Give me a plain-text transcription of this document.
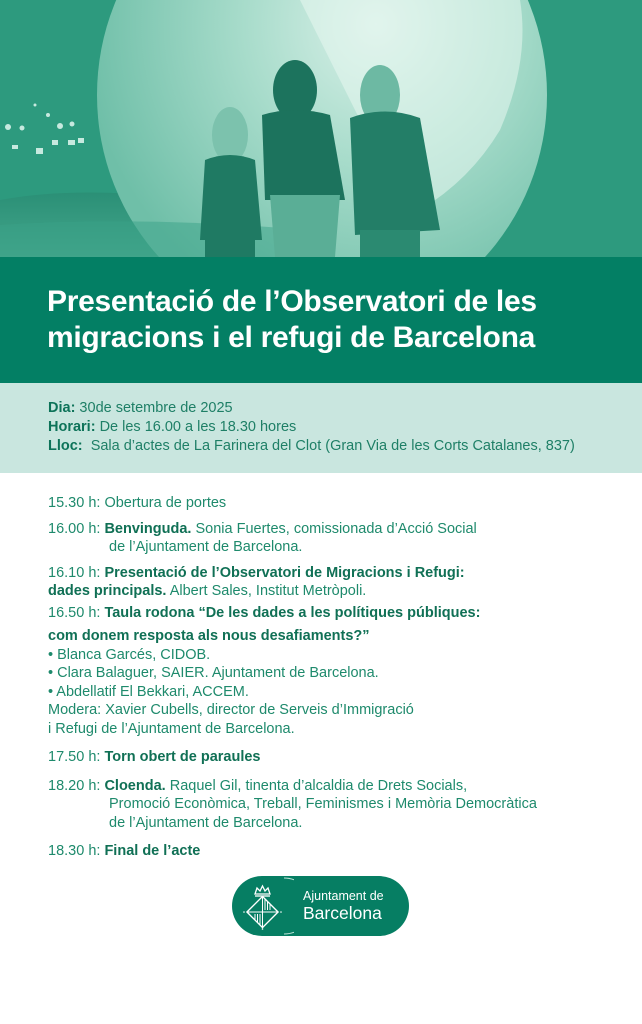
Presentació de l’Observatori de les
migracions i el refugi de Barcelona
Dia: 30de setembre de 2025
Horari: De les 16.00 a les 18.30 hores
Lloc:  Sala d’actes de La Farinera del Clot (Gran Via de les Corts Catalanes, 837)
15.30 h: Obertura de portes
16.00 h: Benvinguda. Sonia Fuertes, comissionada d’Acció Social
de l’Ajuntament de Barcelona.
16.10 h: Presentació de l’Observatori de Migracions i Refugi:
dades principals. Albert Sales, Institut Metròpoli.
16.50 h: Taula rodona “De les dades a les polítiques públiques:
com donem resposta als nous desafiaments?”
• Blanca Garcés, CIDOB.
• Clara Balaguer, SAIER. Ajuntament de Barcelona.
• Abdellatif El Bekkari, ACCEM.
Modera: Xavier Cubells, director de Serveis d’Immigració
i Refugi de l’Ajuntament de Barcelona.
17.50 h: Torn obert de paraules
18.20 h: Cloenda. Raquel Gil, tinenta d’alcaldia de Drets Socials,
Promoció Econòmica, Treball, Feminismes i Memòria Democràtica
de l’Ajuntament de Barcelona.
18.30 h: Final de l’acte
Ajuntament de
Barcelona
